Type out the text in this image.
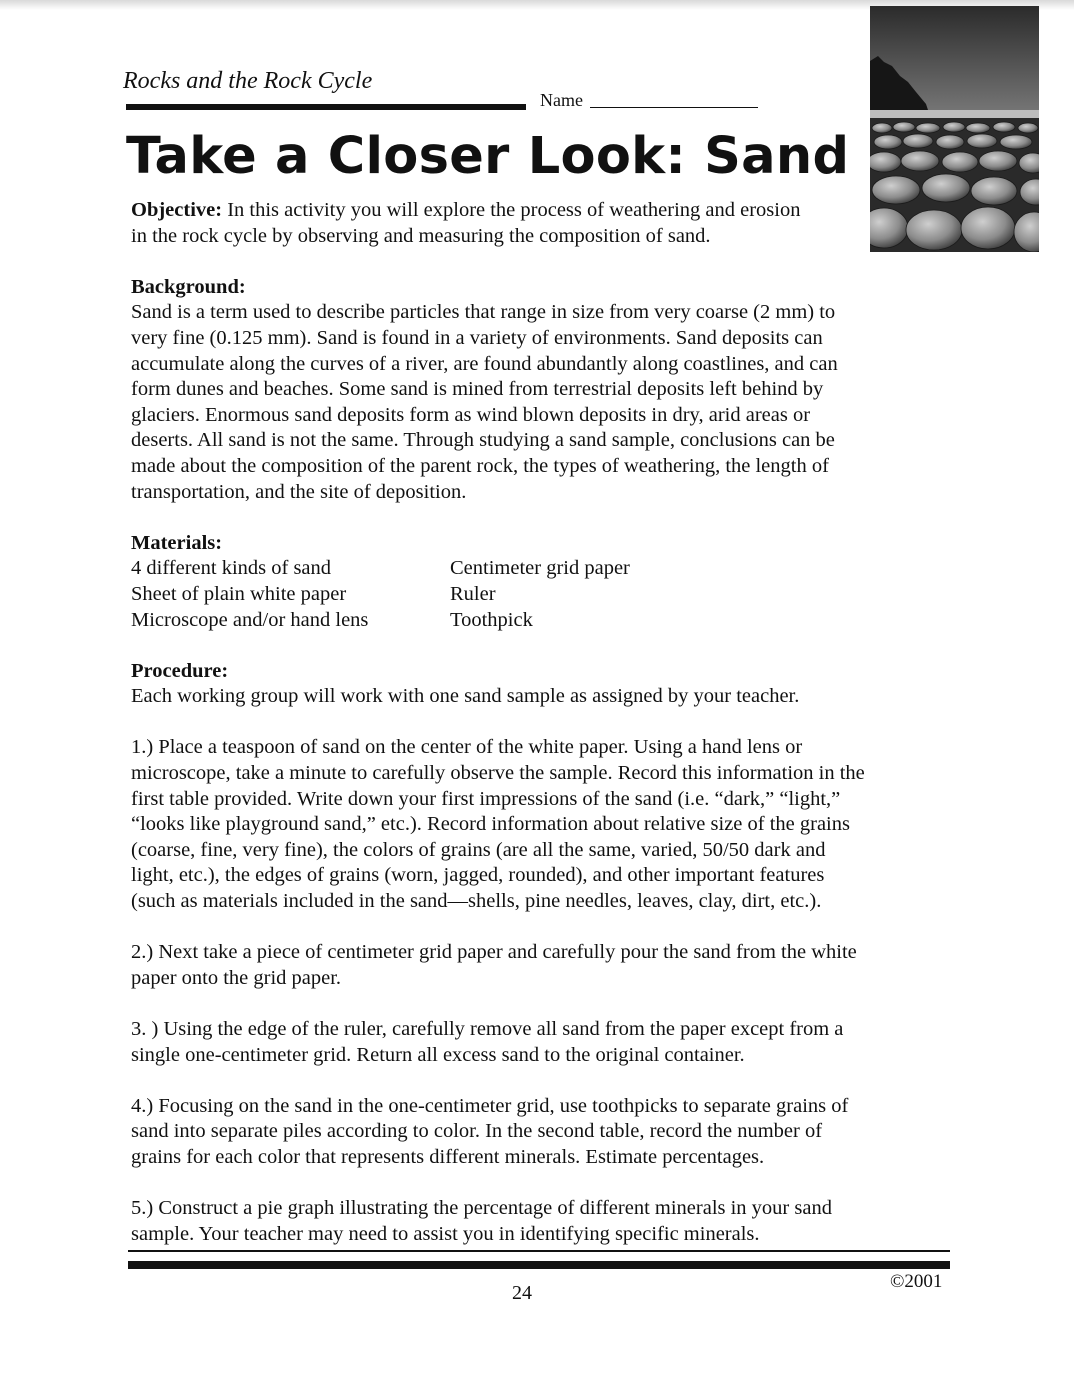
Rocks and the Rock Cycle
Name
Take a Closer Look: Sand

Objective: In this activity you will explore the process of weathering and erosion

in the rock cycle by observing and measuring the composition of sand.

Background:

Sand is a term used to describe particles that range in size from very coarse (2 mm) to

very fine (0.125 mm). Sand is found in a variety of environments. Sand deposits can

accumulate along the curves of a river, are found abundantly along coastlines, and can

form dunes and beaches. Some sand is mined from terrestrial deposits left behind by

glaciers. Enormous sand deposits form as wind blown deposits in dry, arid areas or

deserts. All sand is not the same. Through studying a sand sample, conclusions can be

made about the composition of the parent rock, the types of weathering, the length of

transportation, and the site of deposition.

Materials:

4 different kinds of sand	Centimeter grid paper
Sheet of plain white paper	Ruler
Microscope and/or hand lens	Toothpick

Procedure:

Each working group will work with one sand sample as assigned by your teacher.

1.) Place a teaspoon of sand on the center of the white paper. Using a hand lens or

microscope, take a minute to carefully observe the sample. Record this information in the

first table provided. Write down your first impressions of the sand (i.e. “dark,” “light,”

“looks like playground sand,” etc.). Record information about relative size of the grains

(coarse, fine, very fine), the colors of grains (are all the same, varied, 50/50 dark and

light, etc.), the edges of grains (worn, jagged, rounded), and other important features

(such as materials included in the sand—shells, pine needles, leaves, clay, dirt, etc.).

2.) Next take a piece of centimeter grid paper and carefully pour the sand from the white

paper onto the grid paper.

3. ) Using the edge of the ruler, carefully remove all sand from the paper except from a

single one-centimeter grid. Return all excess sand to the original container.

4.) Focusing on the sand in the one-centimeter grid, use toothpicks to separate grains of

sand into separate piles according to color. In the second table, record the number of

grains for each color that represents different minerals. Estimate percentages.

5.) Construct a pie graph illustrating the percentage of different minerals in your sand

sample. Your teacher may need to assist you in identifying specific minerals.

24
©2001
